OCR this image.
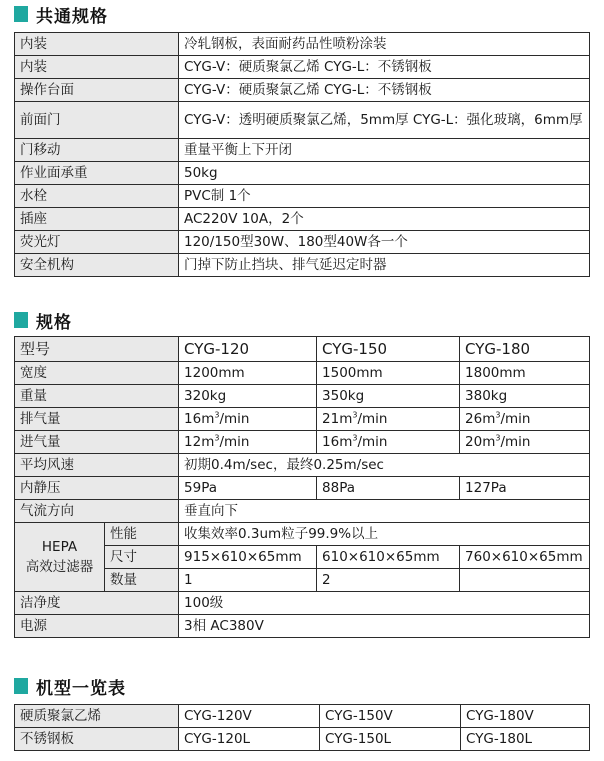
共通规格
内装	冷轧钢板，表面耐药品性喷粉涂装
内装	CYG-V：硬质聚氯乙烯 CYG-L：不锈钢板
操作台面	CYG-V：硬质聚氯乙烯 CYG-L：不锈钢板
前面门	CYG-V：透明硬质聚氯乙烯，5mm厚 CYG-L：强化玻璃，6mm厚
门移动	重量平衡上下开闭
作业面承重	50kg
水栓	PVC制 1个
插座	AC220V 10A，2个
荧光灯	120/150型30W、180型40W各一个
安全机构	门掉下防止挡块、排气延迟定时器
规格
型号		CYG-120	CYG-150	CYG-180
宽度		1200mm	1500mm	1800mm
重量		320kg	350kg	380kg
排气量		$16m^3/\min$	$21m^3/\min$	$26m^3/\min$
进气量		$12m^3/\min$	$16m^3/\min$	$20m^3/\min$
平均风速		初期0.4m/sec，最终0.25m/sec		
内静压		59Pa	88Pa	127Pa
气流方向		垂直向下		
HEPA
高效过滤器	性能	收集效率0.3um粒子99.9%以上		
	尺寸	915×610×65mm	610×610×65mm	760×610×65mm
	数量	1	2	
洁净度		100级		
电源		3相 AC380V		
机型一览表
硬质聚氯乙烯	CYG-120V	CYG-150V	CYG-180V
不锈钢板	CYG-120L	CYG-150L	CYG-180L
